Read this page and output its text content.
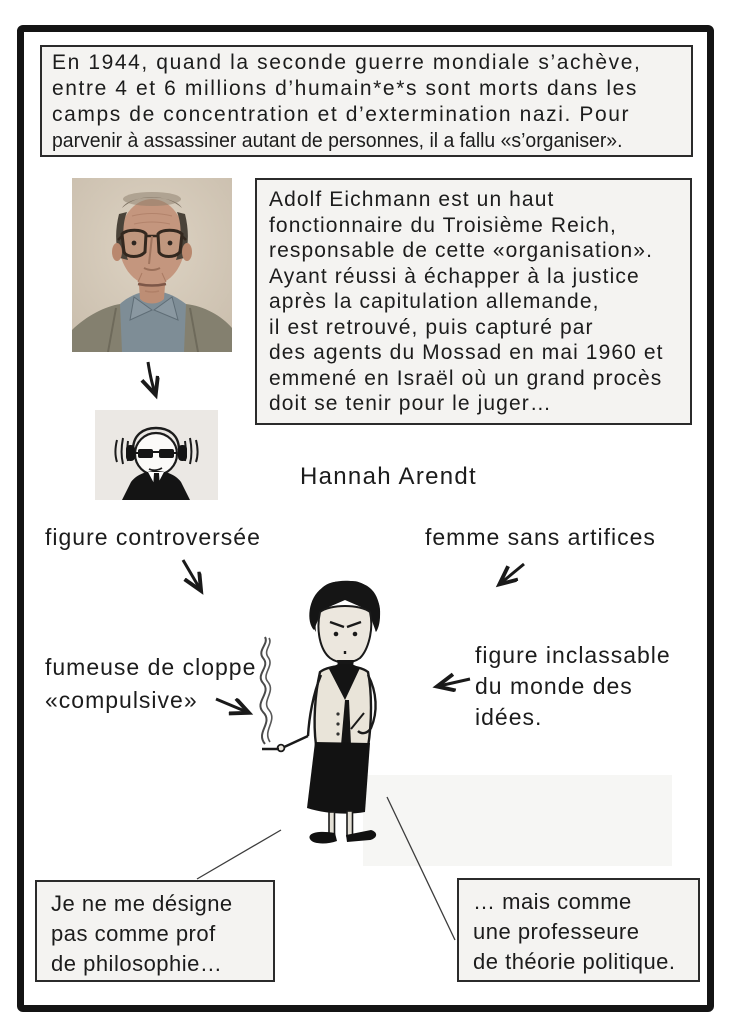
En 1944, quand la seconde guerre mondiale s’achève,
entre 4 et 6 millions d’humain*e*s sont morts dans les
camps de concentration et d’extermination nazi. Pour
parvenir à assassiner autant de personnes, il a fallu «s’organiser».
Adolf Eichmann est un haut
fonctionnaire du Troisième Reich,
responsable de cette «organisation».
Ayant réussi à échapper à la justice
après la capitulation allemande,
il est retrouvé, puis capturé par
des agents du Mossad en mai 1960 et
emmené en Israël où un grand procès
doit se tenir pour le juger…
Hannah Arendt
figure controversée	femme sans artifices
fumeuse de cloppe
«compulsive»
figure inclassable
du monde des
idées.
Je ne me désigne
pas comme prof
de philosophie…
… mais comme
une professeure
de théorie politique.
